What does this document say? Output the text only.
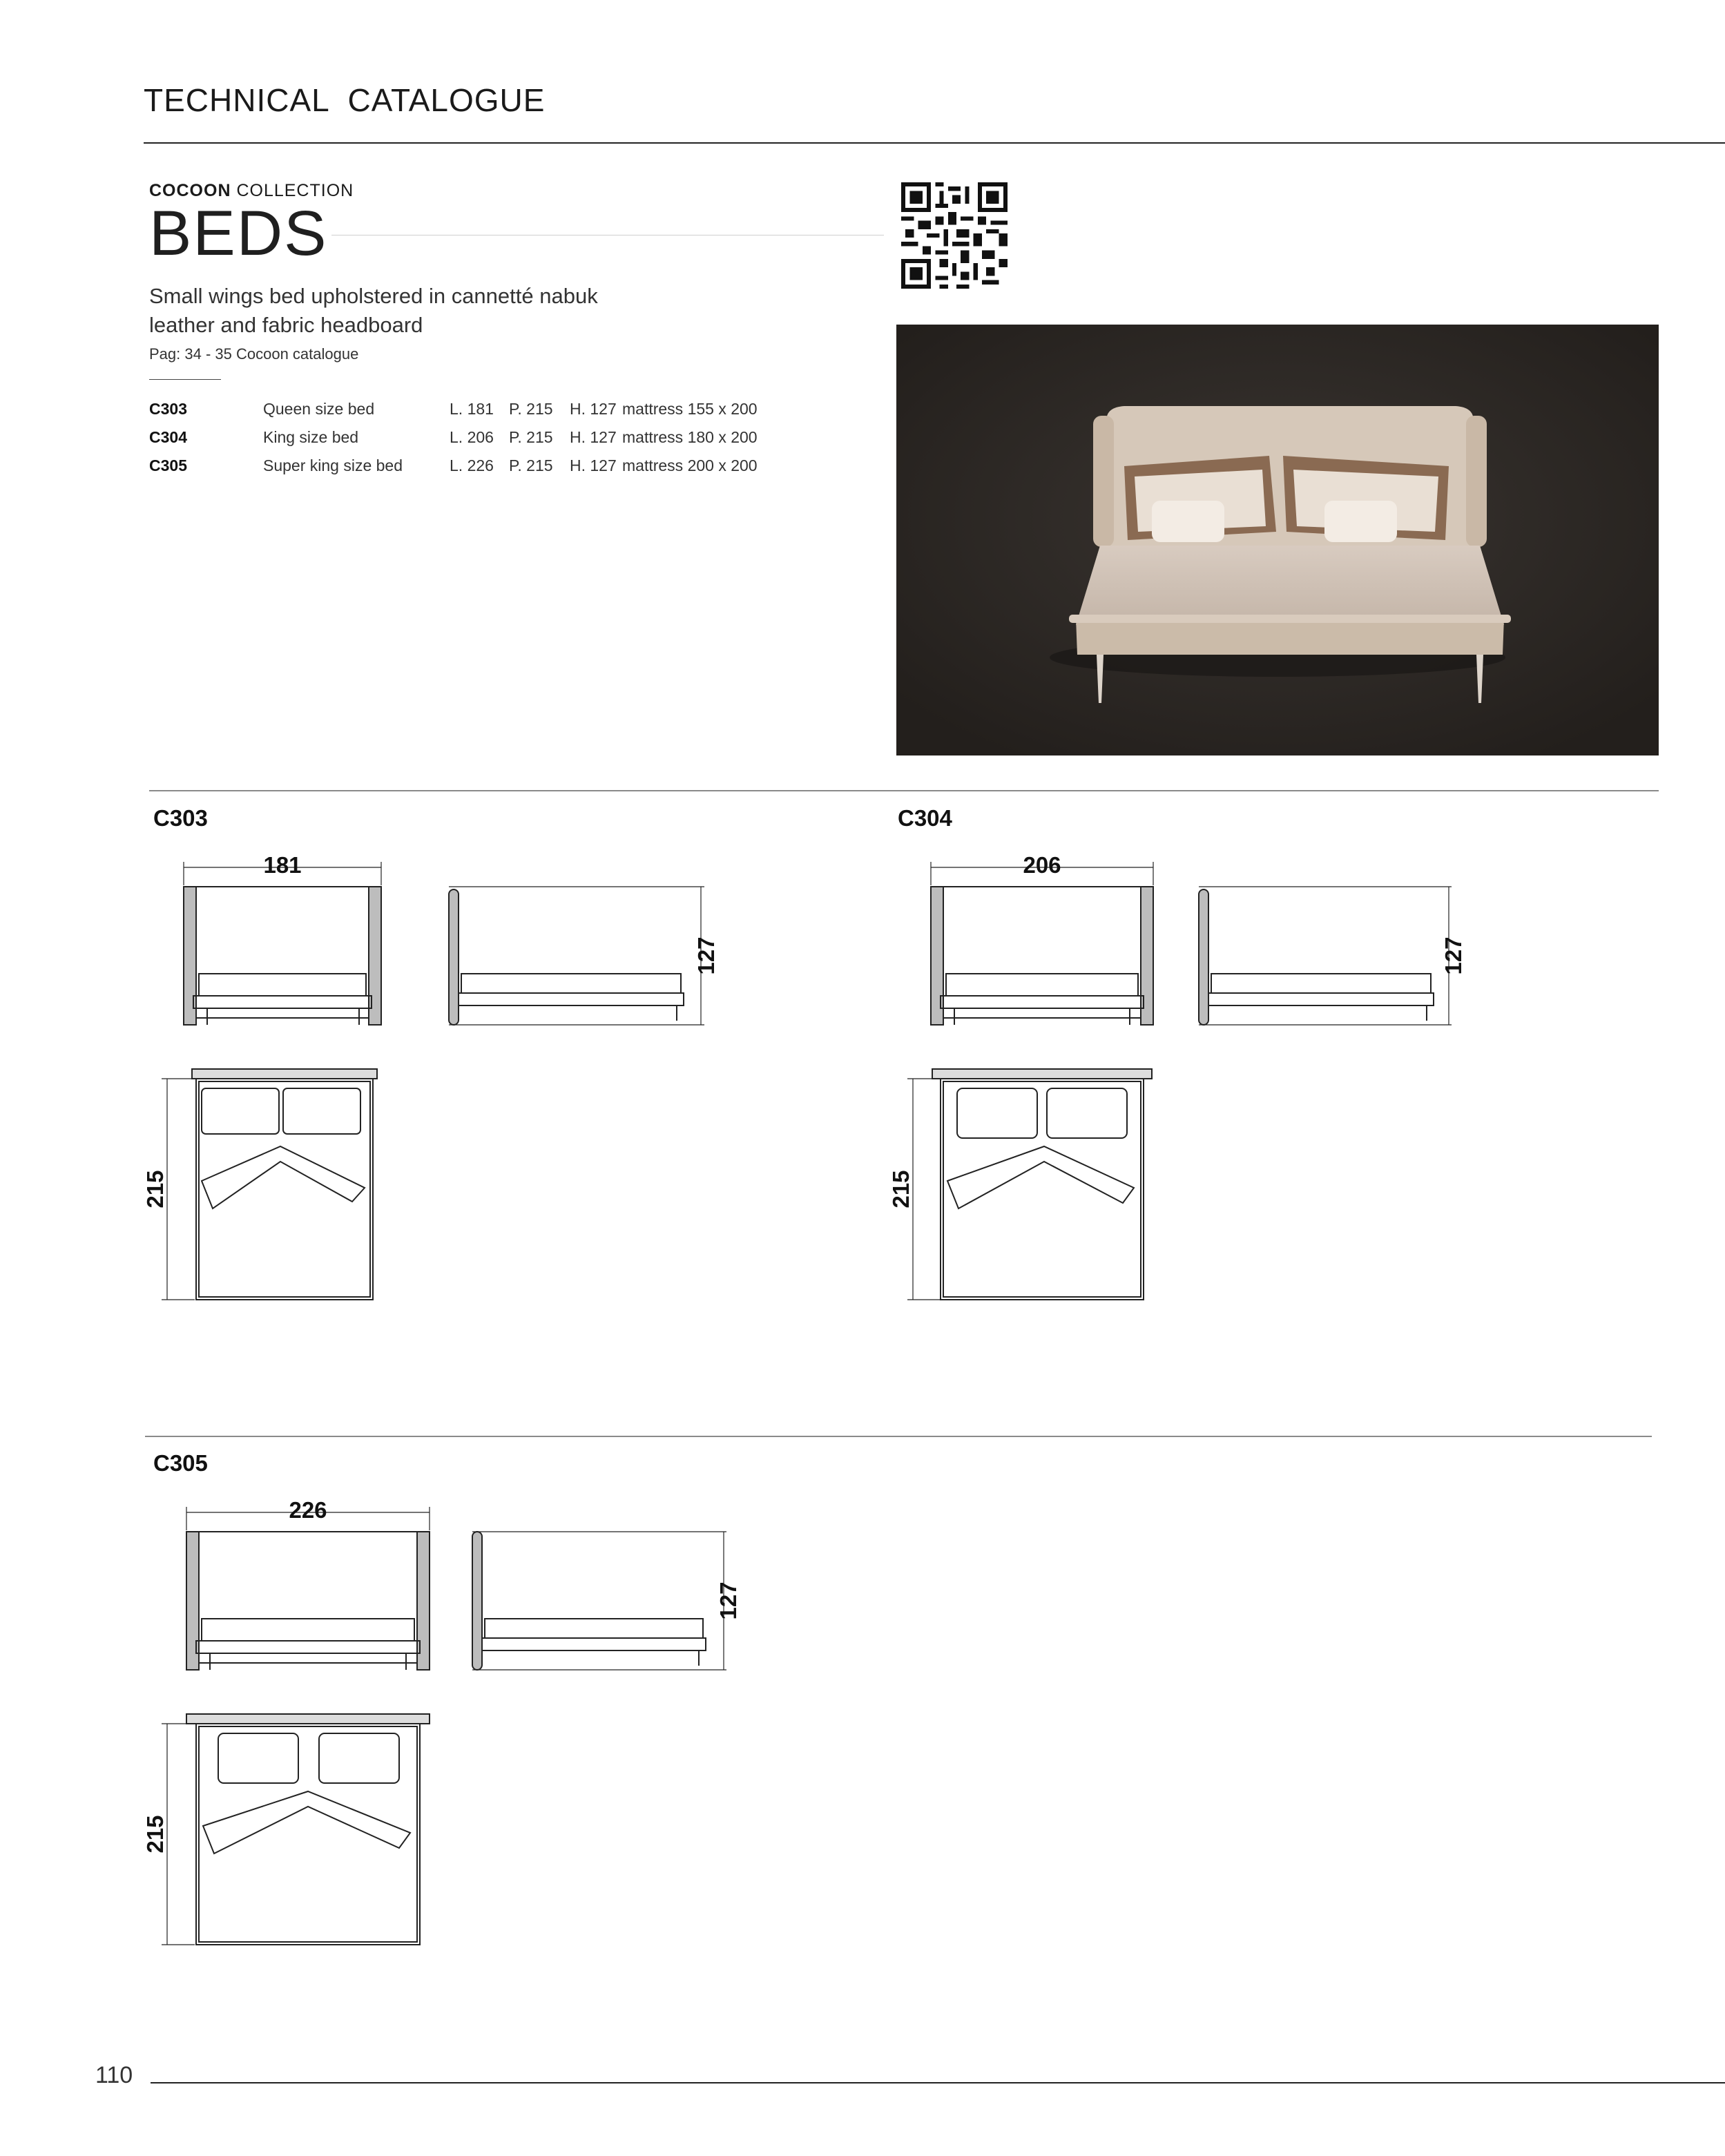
TECHNICAL  CATALOGUE
COCOON COLLECTION
BEDS
Small wings bed upholstered in cannetté nabuk
leather and fabric headboard
Pag: 34 - 35 Cocoon catalogue
C303	Queen size bed	L. 181	P. 215	H. 127	mattress 155 x 200
C304	King size bed	L. 206	P. 215	H. 127	mattress 180 x 200
C305	Super king size bed	L. 226	P. 215	H. 127	mattress 200 x 200
C303
181
127
215
C304
206
127
215
C305
226
127
215
110
